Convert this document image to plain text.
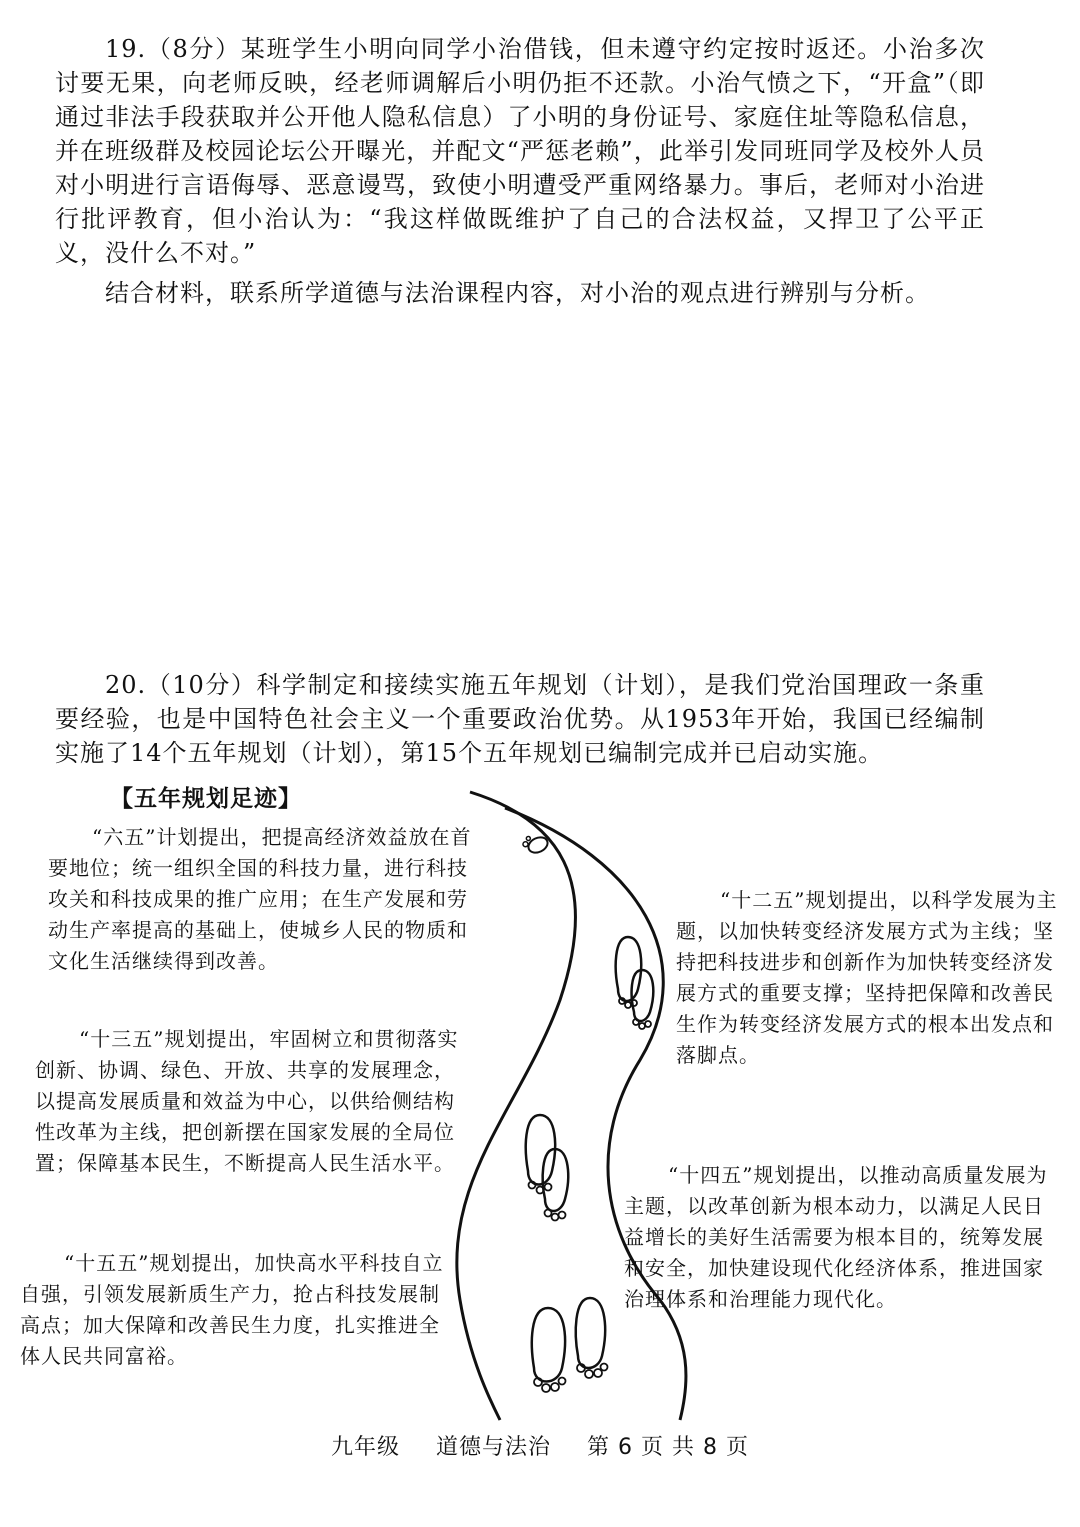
19.（8分）某班学生小明向同学小治借钱，但未遵守约定按时返还。小治多次讨要无果，向老师反映，经老师调解后小明仍拒不还款。小治气愤之下，“开盒”（即通过非法手段获取并公开他人隐私信息）了小明的身份证号、家庭住址等隐私信息，并在班级群及校园论坛公开曝光，并配文“严惩老赖”，此举引发同班同学及校外人员对小明进行言语侮辱、恶意谩骂，致使小明遭受严重网络暴力。事后，老师对小治进行批评教育，但小治认为：“我这样做既维护了自己的合法权益，又捍卫了公平正义，没什么不对。”

结合材料，联系所学道德与法治课程内容，对小治的观点进行辨别与分析。

20.（10分）科学制定和接续实施五年规划（计划），是我们党治国理政一条重要经验，也是中国特色社会主义一个重要政治优势。从1953年开始，我国已经编制实施了14个五年规划（计划），第15个五年规划已编制完成并已启动实施。

【五年规划足迹】

“六五”计划提出，把提高经济效益放在首要地位；统一组织全国的科技力量，进行科技攻关和科技成果的推广应用；在生产发展和劳动生产率提高的基础上，使城乡人民的物质和文化生活继续得到改善。

“十三五”规划提出，牢固树立和贯彻落实创新、协调、绿色、开放、共享的发展理念，以提高发展质量和效益为中心，以供给侧结构性改革为主线，把创新摆在国家发展的全局位置；保障基本民生，不断提高人民生活水平。

“十五五”规划提出，加快高水平科技自立自强，引领发展新质生产力，抢占科技发展制高点；加大保障和改善民生力度，扎实推进全体人民共同富裕。

“十二五”规划提出，以科学发展为主题，以加快转变经济发展方式为主线；坚持把科技进步和创新作为加快转变经济发展方式的重要支撑；坚持把保障和改善民生作为转变经济发展方式的根本出发点和落脚点。

“十四五”规划提出，以推动高质量发展为主题，以改革创新为根本动力，以满足人民日益增长的美好生活需要为根本目的，统筹发展和安全，加快建设现代化经济体系，推进国家治理体系和治理能力现代化。

九年级 道德与法治 第 6 页 共 8 页
